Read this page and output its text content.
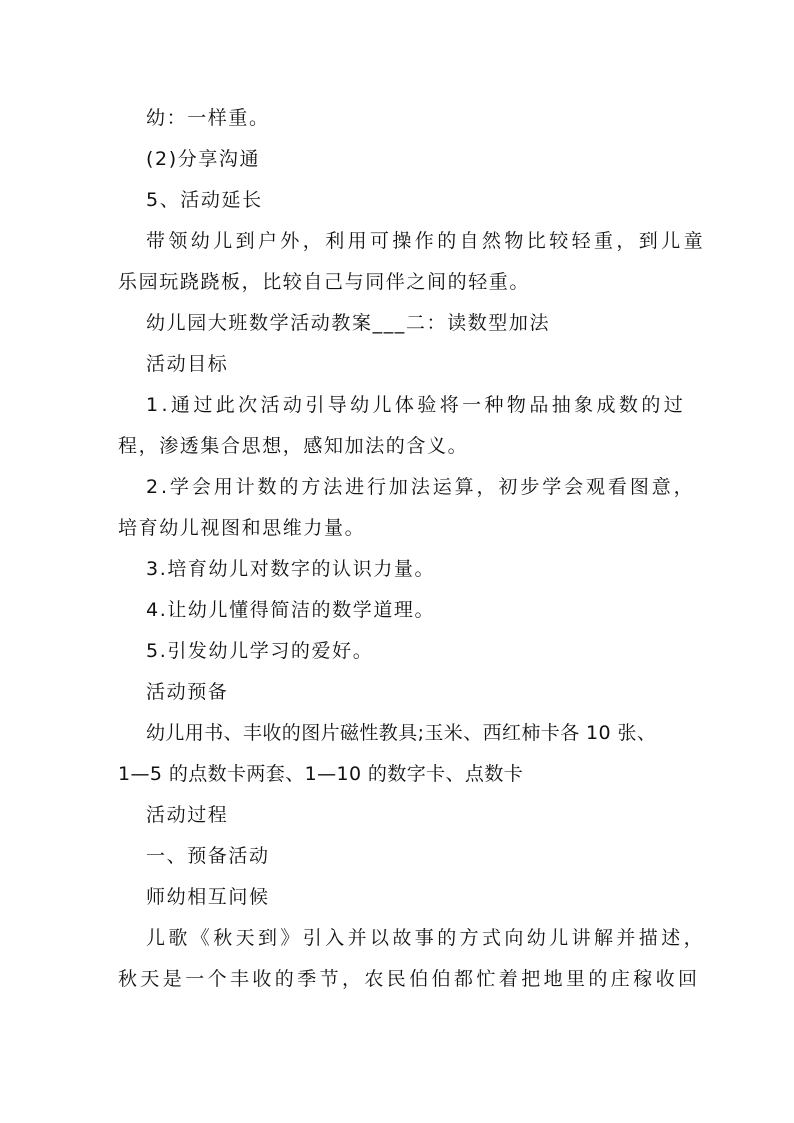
幼：一样重。
(2)分享沟通
5、活动延长
带领幼儿到户外，利用可操作的自然物比较轻重，到儿童
乐园玩跷跷板，比较自己与同伴之间的轻重。
幼儿园大班数学活动教案___二：读数型加法
活动目标
1.通过此次活动引导幼儿体验将一种物品抽象成数的过
程，渗透集合思想，感知加法的含义。
2.学会用计数的方法进行加法运算，初步学会观看图意，
培育幼儿视图和思维力量。
3.培育幼儿对数字的认识力量。
4.让幼儿懂得简洁的数学道理。
5.引发幼儿学习的爱好。
活动预备
幼儿用书、丰收的图片磁性教具;玉米、西红柿卡各 10 张、
1—5 的点数卡两套、1—10 的数字卡、点数卡
活动过程
一、预备活动
师幼相互问候
儿歌《秋天到》引入并以故事的方式向幼儿讲解并描述，
秋天是一个丰收的季节，农民伯伯都忙着把地里的庄稼收回
